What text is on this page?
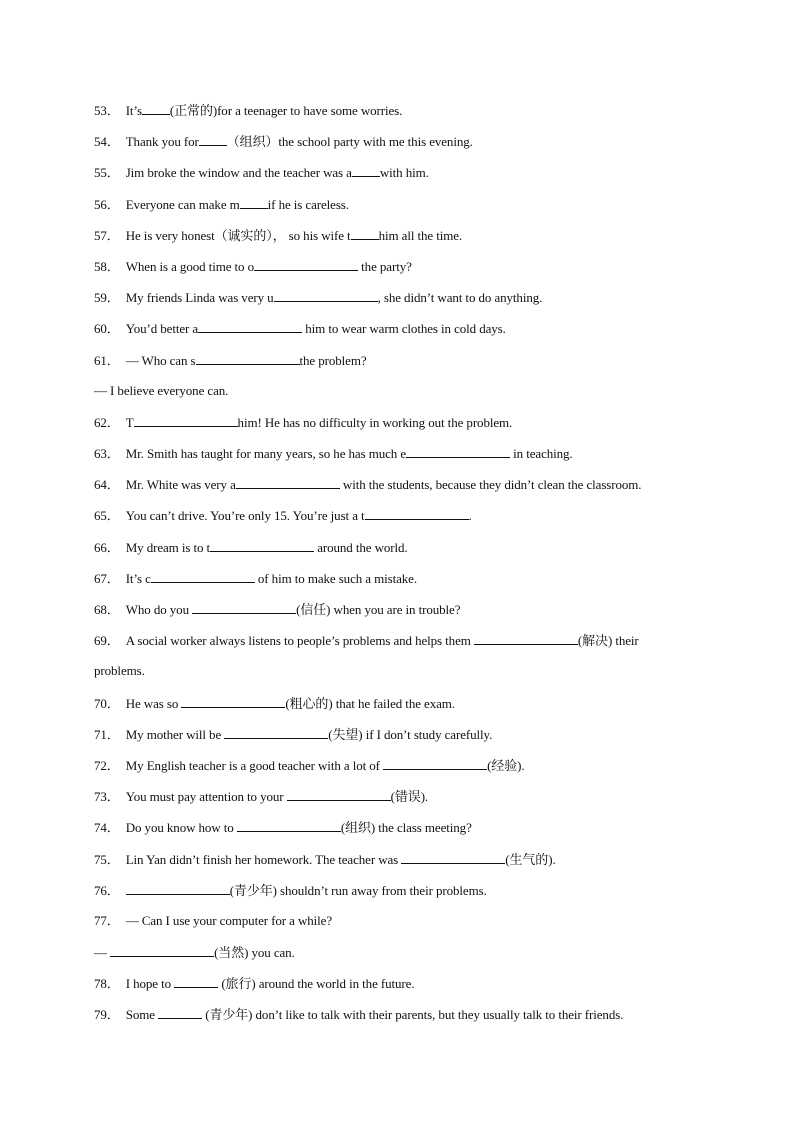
53． It’s (正常的)for a teenager to have some worries.
54． Thank you for （组织）the school party with me this evening.
55． Jim broke the window and the teacher was a with him.
56． Everyone can make m if he is careless.
57． He is very honest（诚实的）， so his wife t him all the time.
58． When is a good time to o	the party?
59． My friends Linda was very u	, she didn’t want to do anything.
60． You’d better a	him to wear warm clothes in cold days.
61． — Who can s	the problem?
— I believe everyone can.
62． T	him! He has no difficulty in working out the problem.
63． Mr. Smith has taught for many years, so he has much e	in teaching.
64． Mr. White was very a	with the students, because they didn’t clean the classroom.
65． You can’t drive. You’re only 15. You’re just a t	.
66． My dream is to t	around the world.
67． It’s c	of him to make such a mistake.
68． Who do you	(信任) when you are in trouble?
69． A social worker always listens to people’s problems and helps them	(解决) their
problems.
70． He was so	(粗心的) that he failed the exam.
71． My mother will be	(失望) if I don’t study carefully.
72． My English teacher is a good teacher with a lot of	(经验).
73． You must pay attention to your	(错误).
74． Do you know how to	(组织) the class meeting?
75． Lin Yan didn’t finish her homework. The teacher was	(生气的).
76．	(青少年) shouldn’t run away from their problems.
77． — Can I use your computer for a while?
—	(当然) you can.
78． I hope to	(旅行) around the world in the future.
79． Some	(青少年) don’t like to talk with their parents, but they usually talk to their friends.
